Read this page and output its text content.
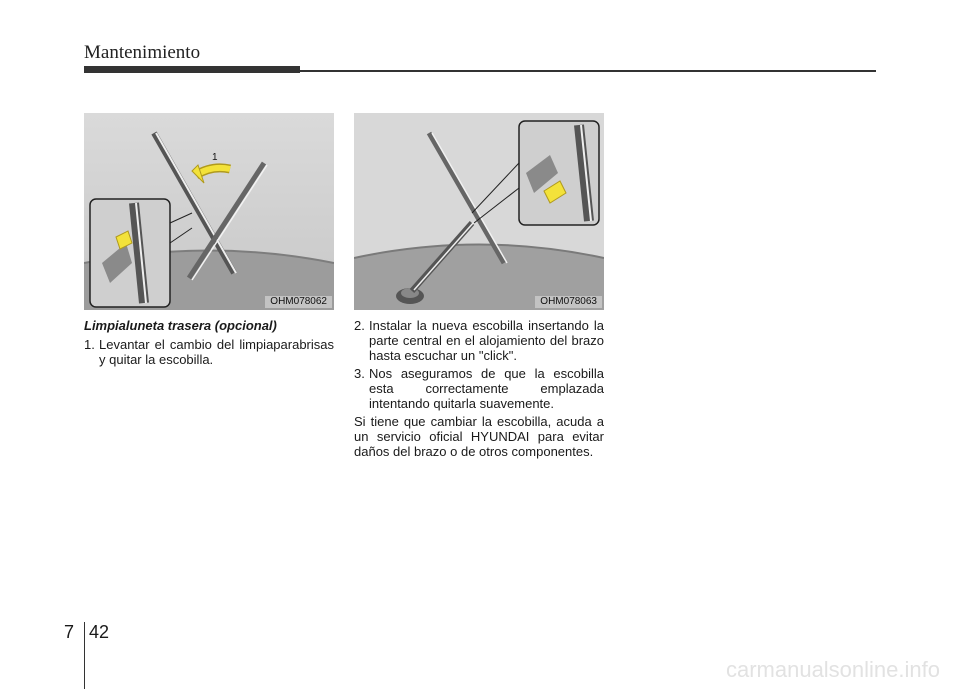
Mantenimiento
1
OHM078062	OHM078063

Limpialuneta trasera (opcional)

1. Levantar el cambio del limpiaparabrisas y quitar la escobilla.

2. Instalar la nueva escobilla insertando la parte central en el alojamiento del brazo hasta escuchar un "click".

3. Nos aseguramos de que la escobilla esta correctamente emplazada intentando quitarla suavemente.

Si tiene que cambiar la escobilla, acuda a un servicio oficial HYUNDAI para evitar daños del brazo o de otros componentes.

7 42
carmanualsonline.info
